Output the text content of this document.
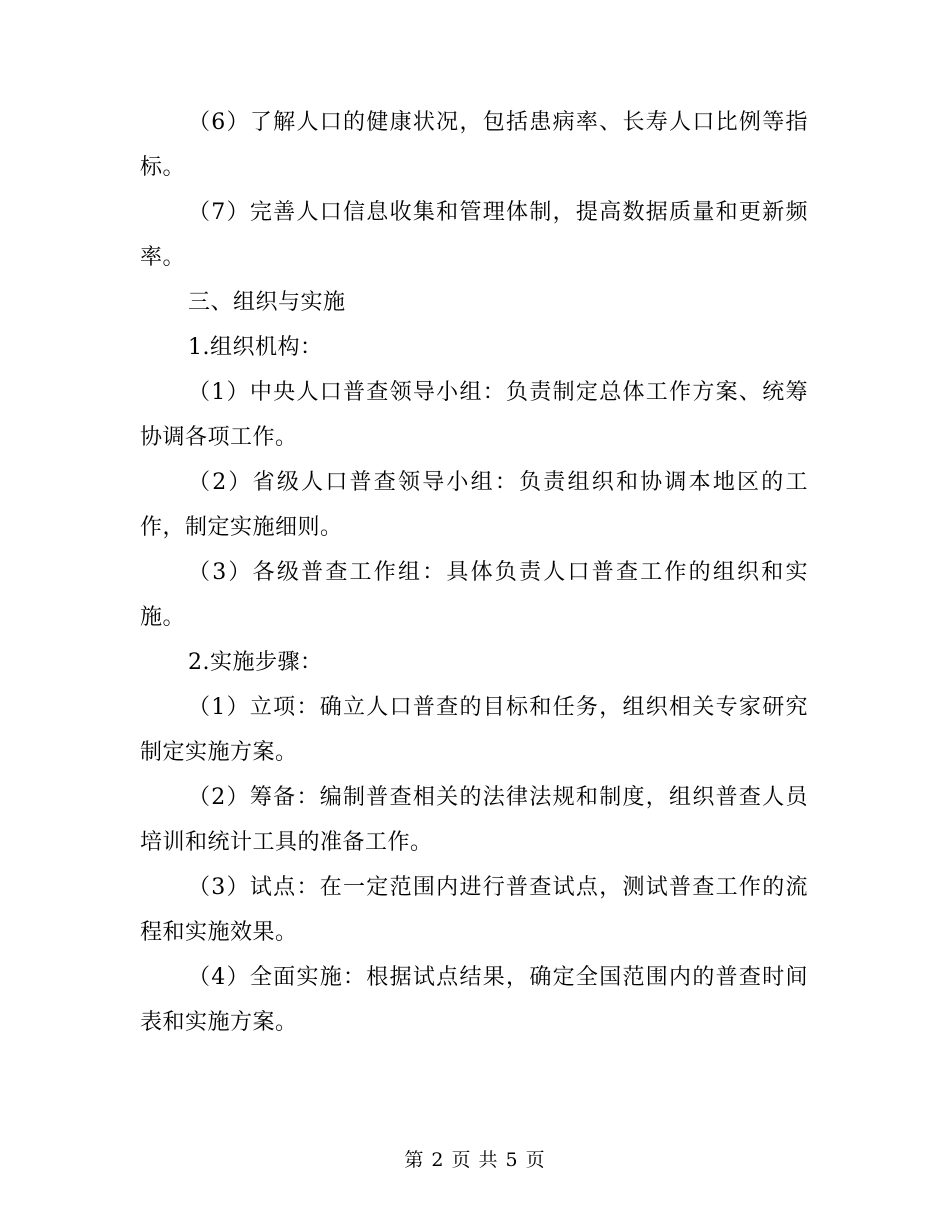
（6）了解人口的健康状况，包括患病率、长寿人口比例等指标。

（7）完善人口信息收集和管理体制，提高数据质量和更新频率。

三、组织与实施

1.组织机构：

（1）中央人口普查领导小组：负责制定总体工作方案、统筹协调各项工作。

（2）省级人口普查领导小组：负责组织和协调本地区的工作，制定实施细则。

（3）各级普查工作组：具体负责人口普查工作的组织和实施。

2.实施步骤：

（1）立项：确立人口普查的目标和任务，组织相关专家研究制定实施方案。

（2）筹备：编制普查相关的法律法规和制度，组织普查人员培训和统计工具的准备工作。

（3）试点：在一定范围内进行普查试点，测试普查工作的流程和实施效果。

（4）全面实施：根据试点结果，确定全国范围内的普查时间表和实施方案。

第 2 页 共 5 页
